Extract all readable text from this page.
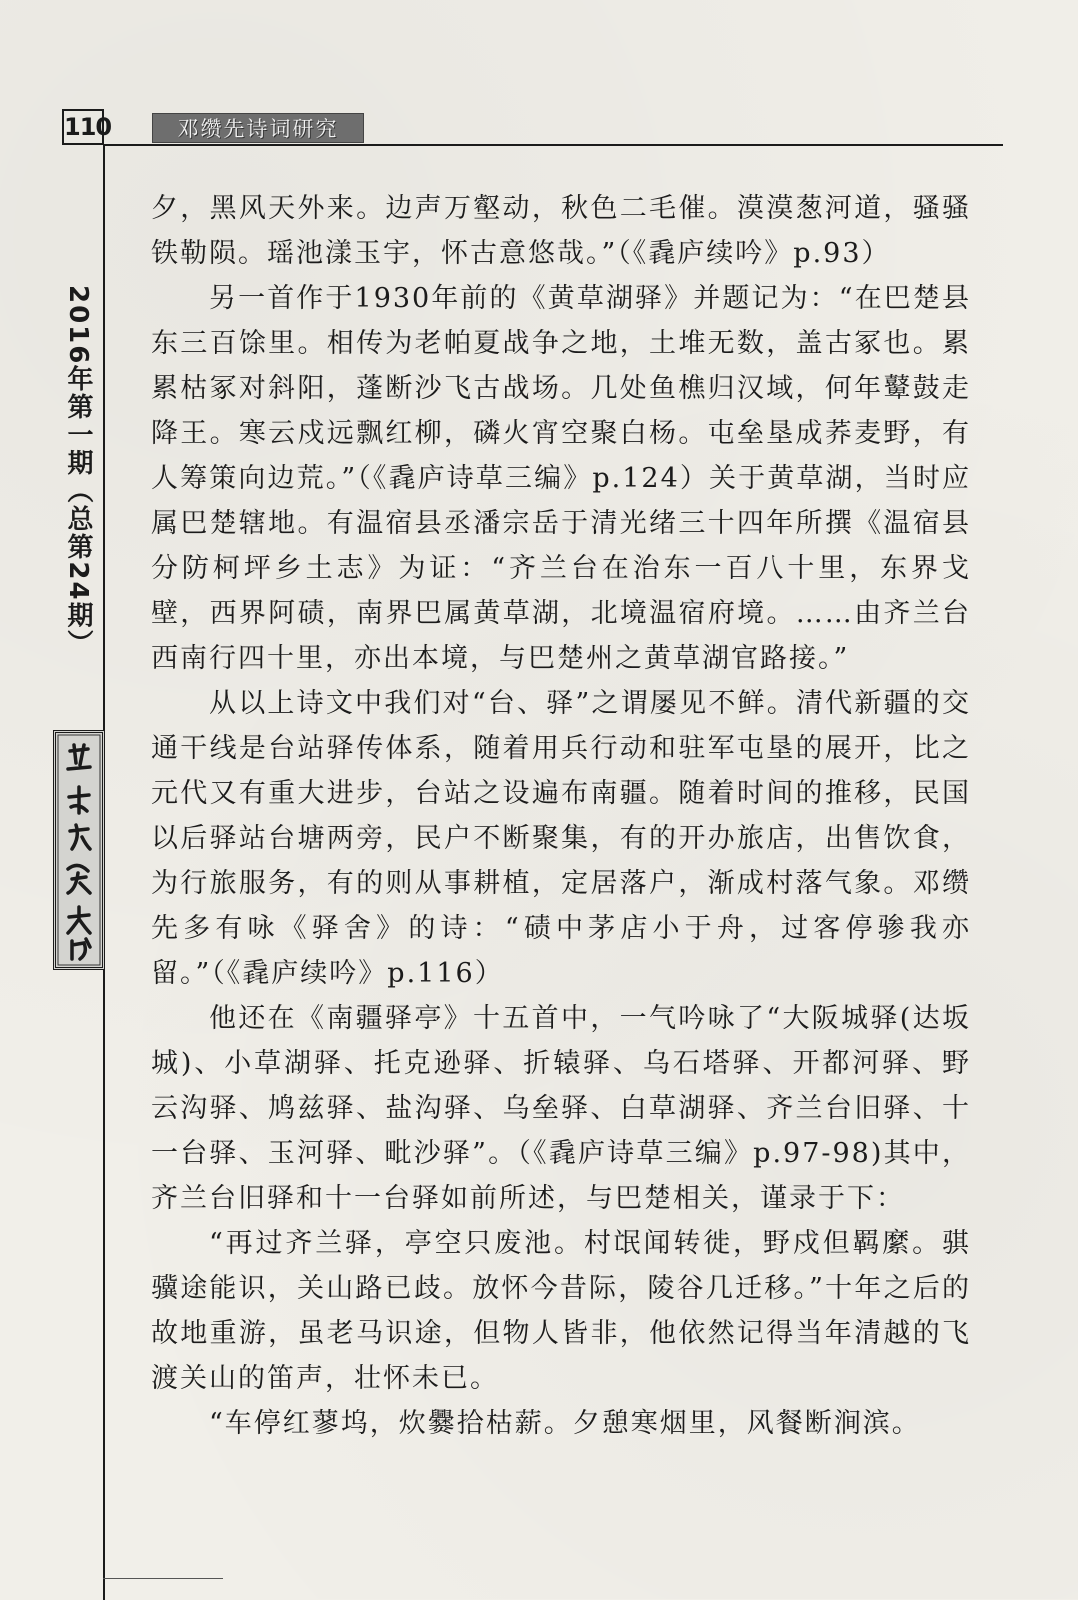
110	邓缵先诗词研究
2016年第一期（总第24期）

夕，黑风天外来。边声万壑动，秋色二毛催。漠漠葱河道，骚骚铁勒陨。瑶池漾玉宇，怀古意悠哉。”（《毳庐续吟》p.93）

另一首作于1930年前的《黄草湖驿》并题记为：“在巴楚县东三百馀里。相传为老帕夏战争之地，土堆无数，盖古冢也。累累枯冢对斜阳，蓬断沙飞古战场。几处鱼樵归汉域，何年鼙鼓走降王。寒云戍远飘红柳，磷火宵空聚白杨。屯垒垦成荞麦野，有人筹策向边荒。”（《毳庐诗草三编》p.124）关于黄草湖，当时应属巴楚辖地。有温宿县丞潘宗岳于清光绪三十四年所撰《温宿县分防柯坪乡土志》为证：“齐兰台在治东一百八十里，东界戈壁，西界阿碛，南界巴属黄草湖，北境温宿府境。……由齐兰台西南行四十里，亦出本境，与巴楚州之黄草湖官路接。”

从以上诗文中我们对“台、驿”之谓屡见不鲜。清代新疆的交通干线是台站驿传体系，随着用兵行动和驻军屯垦的展开，比之元代又有重大进步，台站之设遍布南疆。随着时间的推移，民国以后驿站台塘两旁，民户不断聚集，有的开办旅店，出售饮食，为行旅服务，有的则从事耕植，定居落户，渐成村落气象。邓缵先多有咏《驿舍》的诗：“碛中茅店小于舟，过客停骖我亦留。”（《毳庐续吟》p.116）

他还在《南疆驿亭》十五首中，一气吟咏了“大阪城驿(达坂城)、小草湖驿、托克逊驿、折辕驿、乌石塔驿、开都河驿、野云沟驿、鸠兹驿、盐沟驿、乌垒驿、白草湖驿、齐兰台旧驿、十一台驿、玉河驿、毗沙驿”。（《毳庐诗草三编》p.97-98)其中，齐兰台旧驿和十一台驿如前所述，与巴楚相关，谨录于下：

“再过齐兰驿，亭空只废池。村氓闻转徙，野戍但羁縻。骐骥途能识，关山路已歧。放怀今昔际，陵谷几迁移。”十年之后的故地重游，虽老马识途，但物人皆非，他依然记得当年清越的飞渡关山的笛声，壮怀未已。

“车停红蓼坞，炊爨拾枯薪。夕憩寒烟里，风餐断涧滨。
